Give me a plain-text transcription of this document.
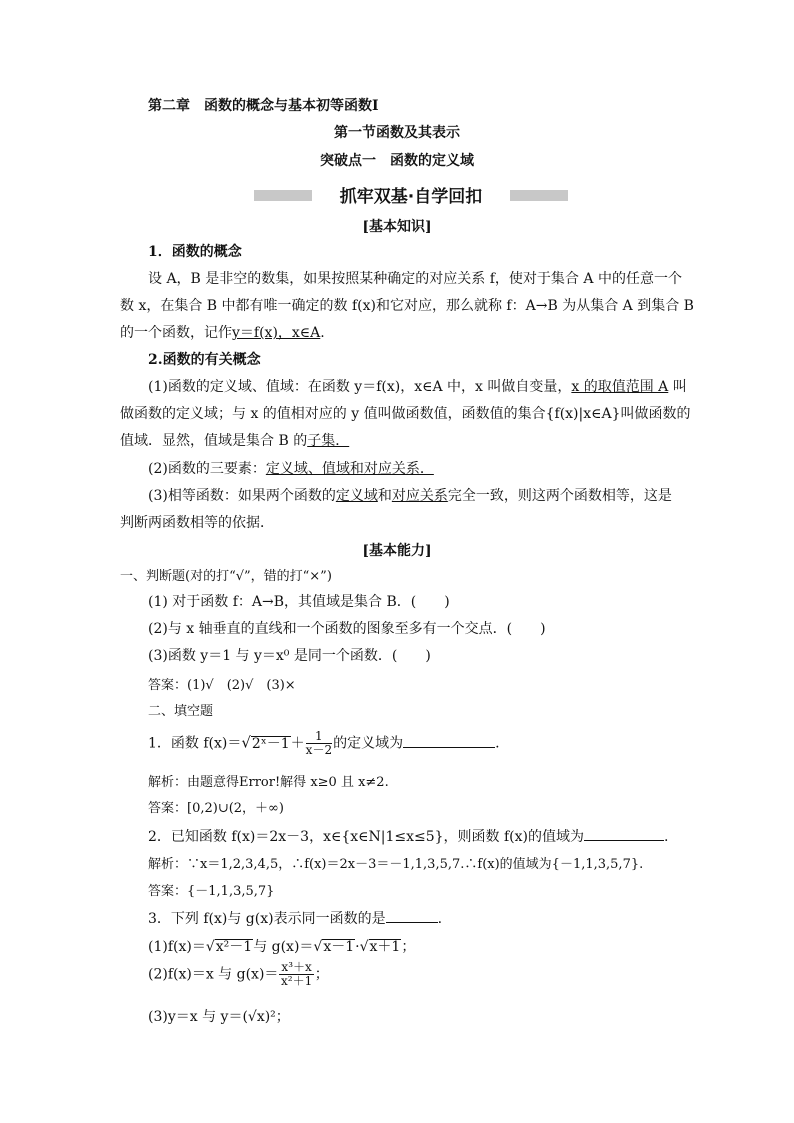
第二章　函数的概念与基本初等函数Ⅰ
第一节函数及其表示
突破点一　函数的定义域
抓牢双基·自学回扣
[基本知识]
1．函数的概念
设 A，B 是非空的数集，如果按照某种确定的对应关系 f，使对于集合 A 中的任意一个
数 x，在集合 B 中都有唯一确定的数 f(x)和它对应，那么就称 f：A→B 为从集合 A 到集合 B
的一个函数，记作y＝f(x)，x∈A.
2.函数的有关概念
(1)函数的定义域、值域：在函数 y＝f(x)，x∈A 中，x 叫做自变量，x 的取值范围 A 叫
做函数的定义域；与 x 的值相对应的 y 值叫做函数值，函数值的集合{f(x)|x∈A}叫做函数的
值域．显然，值域是集合 B 的子集．
(2)函数的三要素：定义域、值域和对应关系．
(3)相等函数：如果两个函数的定义域和对应关系完全一致，则这两个函数相等，这是
判断两函数相等的依据．
[基本能力]
一、判断题(对的打“√”，错的打“×”)
(1) 对于函数 f：A→B，其值域是集合 B．(　　)
(2)与 x 轴垂直的直线和一个函数的图象至多有一个交点．(　　)
(3)函数 y＝1 与 y＝x⁰ 是同一个函数．(　　)
答案：(1)√　(2)√　(3)×
二、填空题
1．函数 f(x)＝√2ˣ－1＋ $\frac{1}{x-2}$ 的定义域为	.
解析：由题意得Error!解得 x≥0 且 x≠2.
答案：[0,2)∪(2，＋∞)
2．已知函数 f(x)＝2x－3，x∈{x∈N|1≤x≤5}，则函数 f(x)的值域为	.
解析：∵x＝1,2,3,4,5，∴f(x)＝2x－3＝－1,1,3,5,7.∴f(x)的值域为{－1,1,3,5,7}.
答案：{－1,1,3,5,7}
3．下列 f(x)与 g(x)表示同一函数的是	.
(1)f(x)＝√x²－1与 g(x)＝√x－1·√x＋1；
(2)f(x)＝x 与 $g(x)= \frac{\text{x³＋x}}{\text{x²＋1}}$ ；
(3)y＝x 与 y＝(√x)²；
